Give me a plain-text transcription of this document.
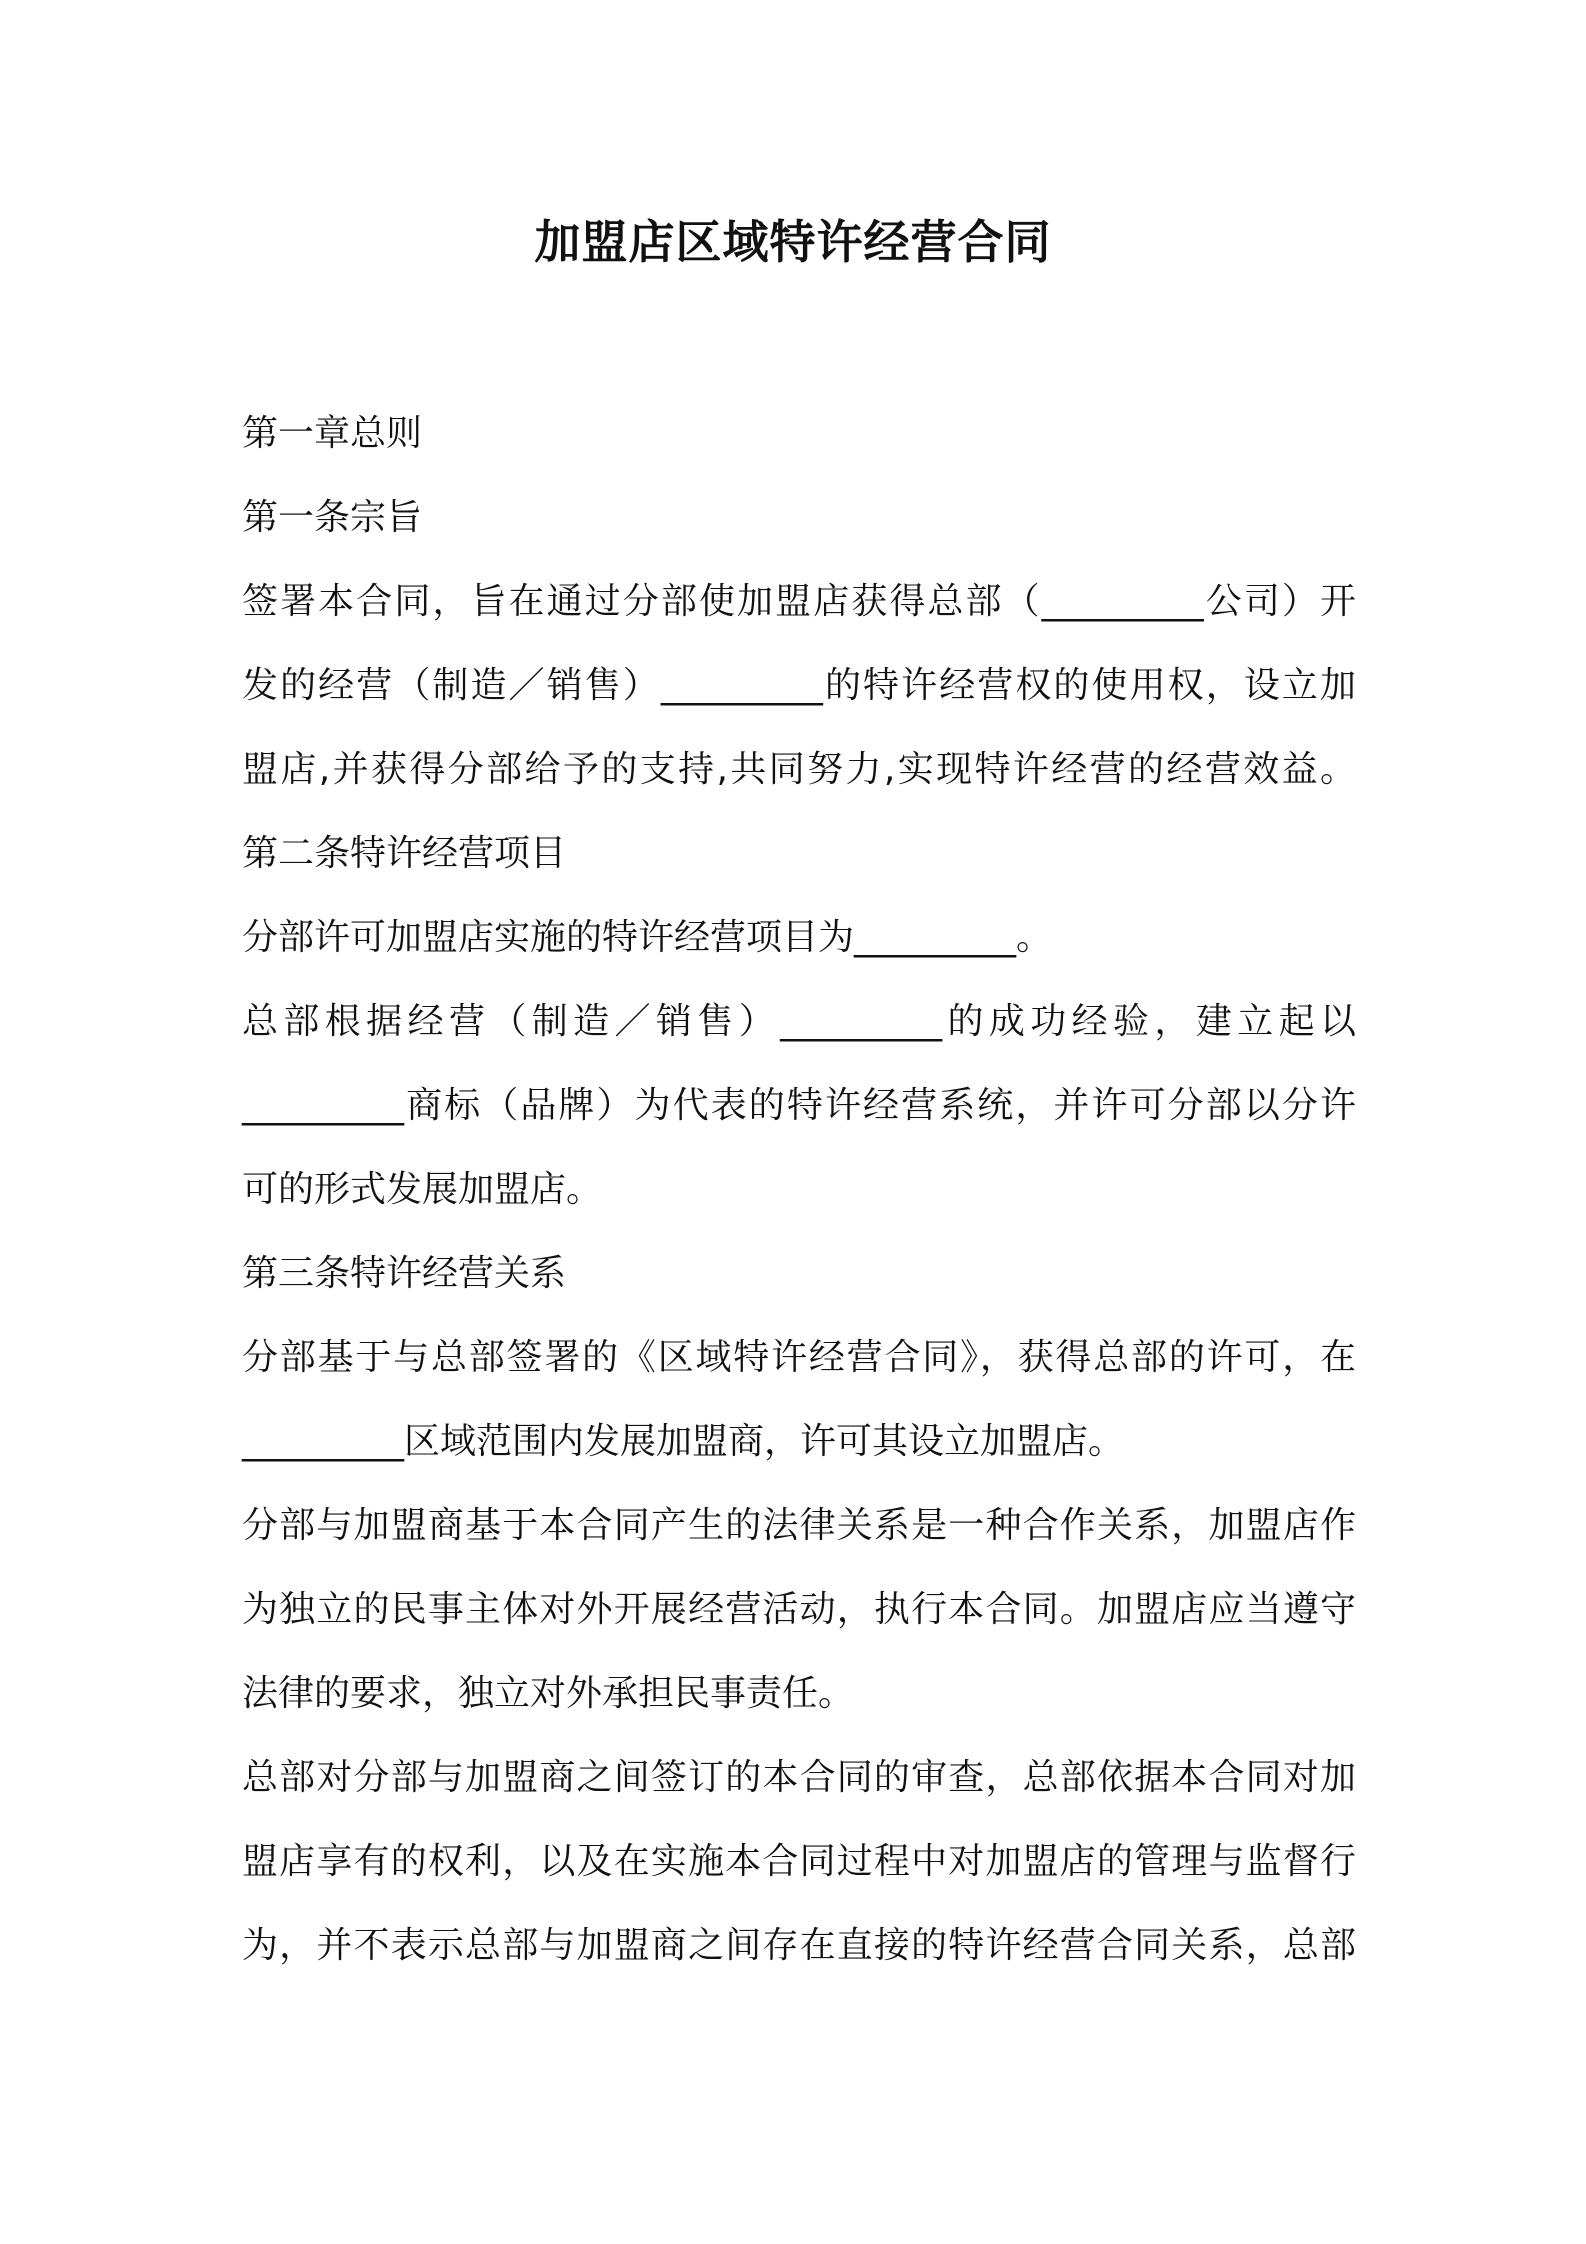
加盟店区域特许经营合同
第一章总则
第一条宗旨
签署本合同，旨在通过分部使加盟店获得总部（_________公司）开
发的经营（制造／销售）_________的特许经营权的使用权，设立加
盟店,并获得分部给予的支持,共同努力,实现特许经营的经营效益。
第二条特许经营项目
分部许可加盟店实施的特许经营项目为_________。
总部根据经营（制造／销售）_________的成功经验，建立起以
_________商标（品牌）为代表的特许经营系统，并许可分部以分许
可的形式发展加盟店。
第三条特许经营关系
分部基于与总部签署的《区域特许经营合同》，获得总部的许可，在
_________区域范围内发展加盟商，许可其设立加盟店。
分部与加盟商基于本合同产生的法律关系是一种合作关系，加盟店作
为独立的民事主体对外开展经营活动，执行本合同。加盟店应当遵守
法律的要求，独立对外承担民事责任。
总部对分部与加盟商之间签订的本合同的审查，总部依据本合同对加
盟店享有的权利，以及在实施本合同过程中对加盟店的管理与监督行
为，并不表示总部与加盟商之间存在直接的特许经营合同关系，总部
